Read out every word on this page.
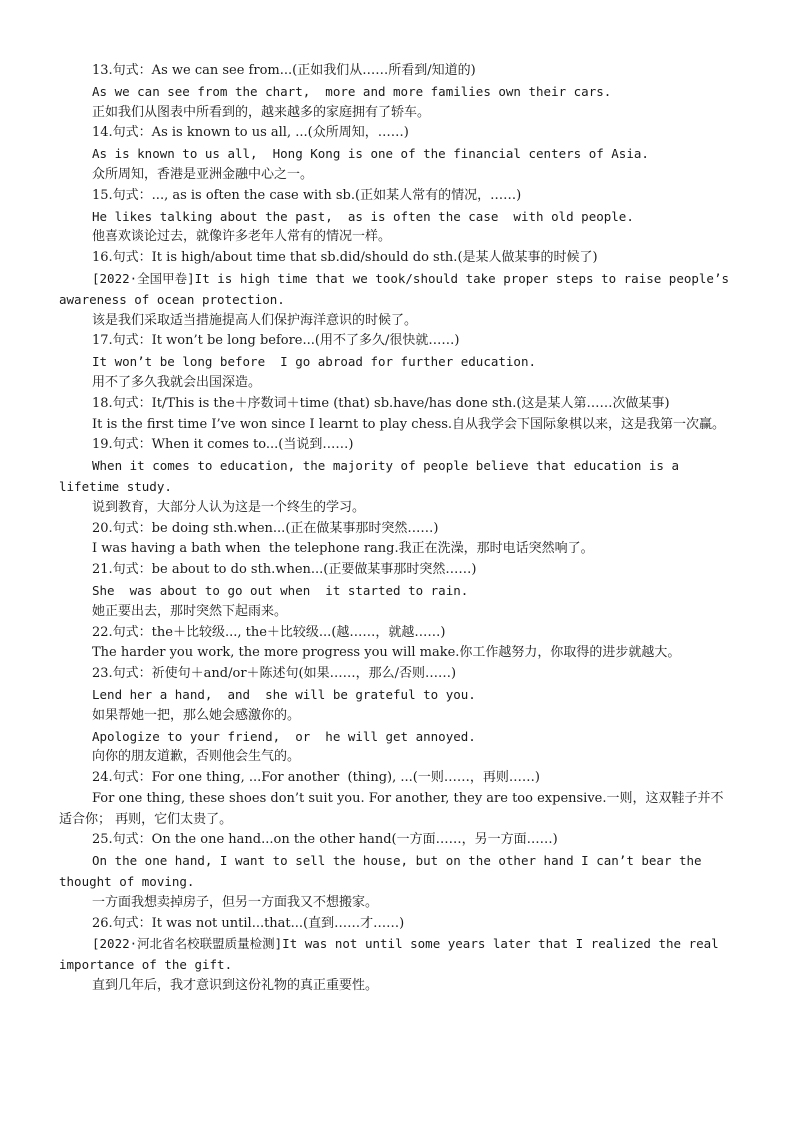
13.句式：As we can see from...(正如我们从……所看到/知道的)
As we can see from the chart,  more and more families own their cars.
正如我们从图表中所看到的，越来越多的家庭拥有了轿车。
14.句式：As is known to us all, ...(众所周知，……)
As is known to us all,  Hong Kong is one of the financial centers of Asia.
众所周知，香港是亚洲金融中心之一。
15.句式：..., as is often the case with sb.(正如某人常有的情况，……)
He likes talking about the past,  as is often the case  with old people.
他喜欢谈论过去，就像许多老年人常有的情况一样。
16.句式：It is high/about time that sb.did/should do sth.(是某人做某事的时候了)
[2022·全国甲卷]It is high time that we took/should take proper steps to raise people’s awareness of ocean protection.
该是我们采取适当措施提高人们保护海洋意识的时候了。
17.句式：It won’t be long before...(用不了多久/很快就……)
It won’t be long before  I go abroad for further education.
用不了多久我就会出国深造。
18.句式：It/This is the＋序数词＋time (that) sb.have/has done sth.(这是某人第……次做某事)
It is the first time I’ve won since I learnt to play chess.自从我学会下国际象棋以来，这是我第一次赢。
19.句式：When it comes to...(当说到……)
When it comes to education, the majority of people believe that education is a lifetime study.
说到教育，大部分人认为这是一个终生的学习。
20.句式：be doing sth.when...(正在做某事那时突然……)
I was having a bath when  the telephone rang.我正在洗澡，那时电话突然响了。
21.句式：be about to do sth.when...(正要做某事那时突然……)
She  was about to go out when  it started to rain.
她正要出去，那时突然下起雨来。
22.句式：the＋比较级..., the＋比较级...(越……，就越……)
The harder you work, the more progress you will make.你工作越努力，你取得的进步就越大。
23.句式：祈使句＋and/or＋陈述句(如果……，那么/否则……)
Lend her a hand,  and  she will be grateful to you.
如果帮她一把，那么她会感激你的。
Apologize to your friend,  or  he will get annoyed.
向你的朋友道歉，否则他会生气的。
24.句式：For one thing, ...For another  (thing), ...(一则……，再则……)
For one thing, these shoes don’t suit you. For another, they are too expensive.一则，这双鞋子并不适合你； 再则，它们太贵了。
25.句式：On the one hand...on the other hand(一方面……，另一方面……)
On the one hand, I want to sell the house, but on the other hand I can’t bear the thought of moving.
一方面我想卖掉房子，但另一方面我又不想搬家。
26.句式：It was not until...that...(直到……才……)
[2022·河北省名校联盟质量检测]It was not until some years later that I realized the real importance of the gift.
直到几年后，我才意识到这份礼物的真正重要性。
